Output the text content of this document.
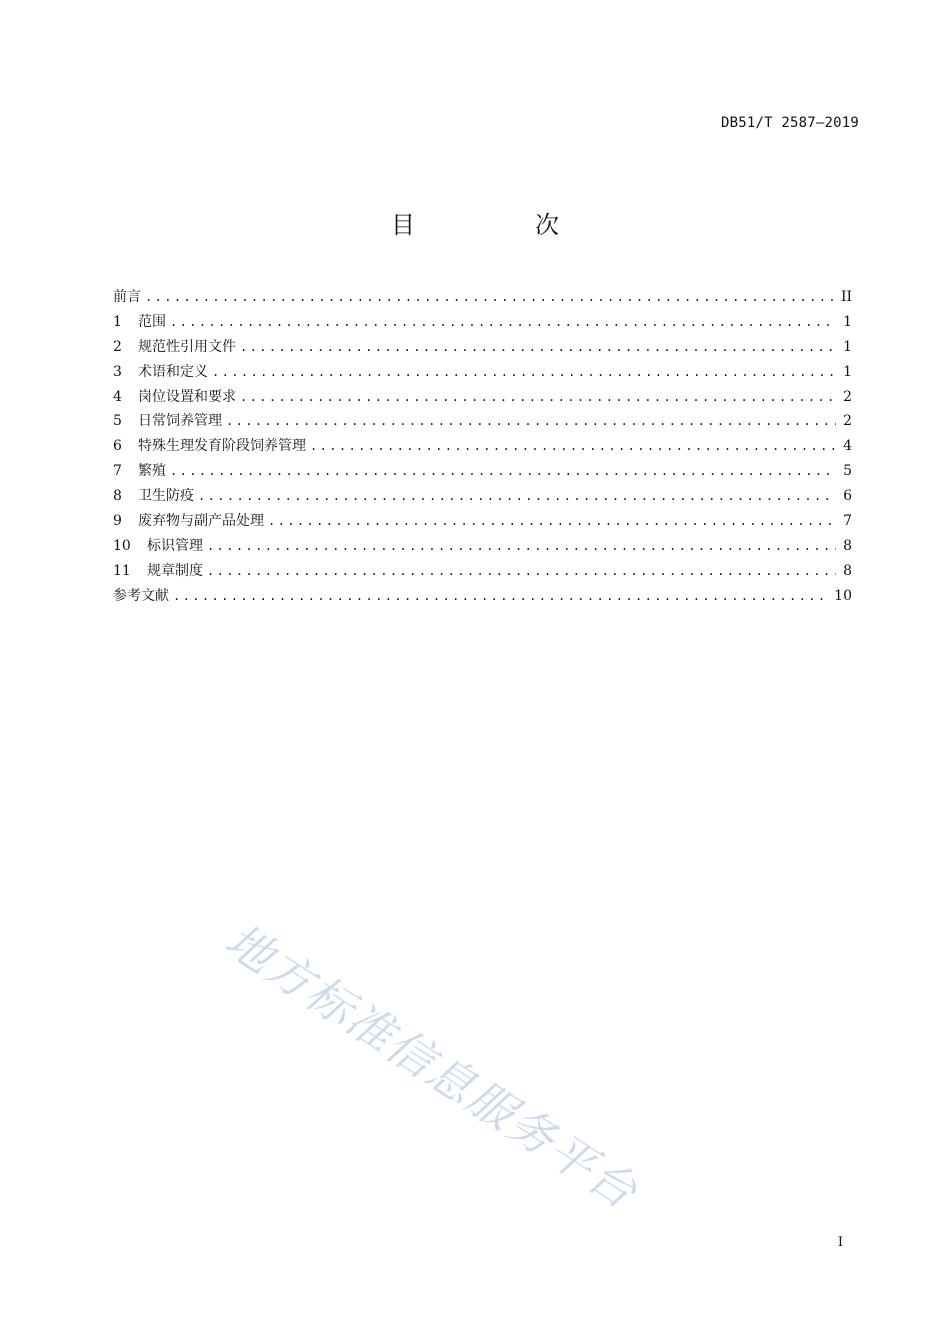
DB51/T 2587—2019
目　次
前言 .....	II
1	范围 .....	1
2	规范性引用文件 .....	1
3	术语和定义 .....	1
4	岗位设置和要求 .....	2
5	日常饲养管理 .....	2
6	特殊生理发育阶段饲养管理 .....	4
7	繁殖 .....	5
8	卫生防疫 .....	6
9	废弃物与副产品处理 .....	7
10	标识管理 .....	8
11	规章制度 .....	8
参考文献 .....	10
地方标准信息服务平台
I
